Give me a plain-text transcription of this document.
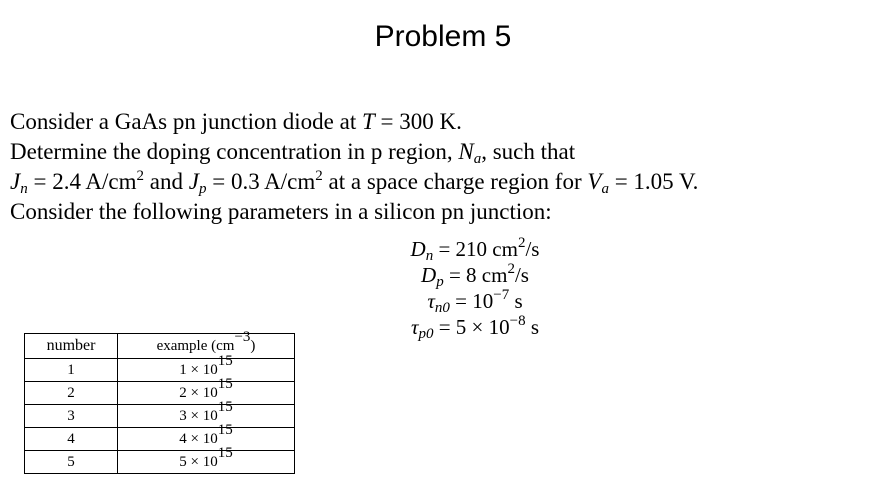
Problem 5
Consider a GaAs pn junction diode at T = 300 K.
Determine the doping concentration in p region, $N_a$, such that
$J_n = 2.4$ $A/cm^2$ and $J_p = 0.3$ $A/cm^2$ at a space charge region for $V_a = 1.05$ V.
Consider the following parameters in a silicon pn junction:
$D_n = 210$ $cm^2/s$
$D_p = 8$ $cm^2/s$
$\tau_{n0} = 10^{-7}$ s
$\tau_{p0} = 5 \times 10^{-8}$ s
number	example $(cm^{-3})$
1	$1 \times 10^{15}$
2	$2 \times 10^{15}$
3	$3 \times 10^{15}$
4	$4 \times 10^{15}$
5	$5 \times 10^{15}$
